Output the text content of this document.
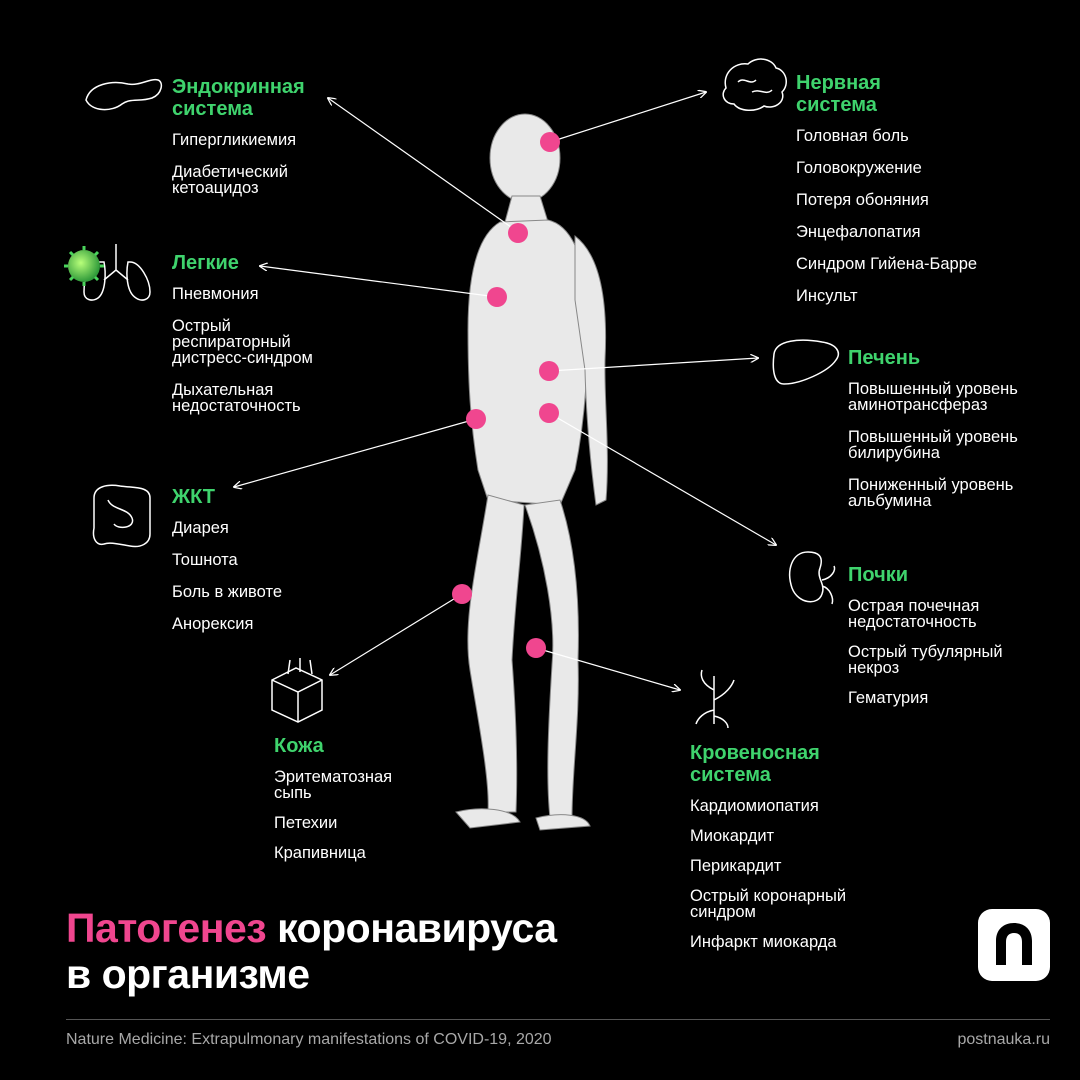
Эндокринная
система
Гипергликиемия
Диабетический
кетоацидоз
Легкие
Пневмония
Острый
респираторный
дистресс-синдром
Дыхательная
недостаточность
ЖКТ
Диарея
Тошнота
Боль в животе
Анорексия
Кожа
Эритематозная
сыпь
Петехии
Крапивница
Нервная
система
Головная боль
Головокружение
Потеря обоняния
Энцефалопатия
Синдром Гийена-Барре
Инсульт
Печень
Повышенный уровень
аминотрансфераз
Повышенный уровень
билирубина
Пониженный уровень
альбумина
Почки
Острая почечная
недостаточность
Острый тубулярный
некроз
Гематурия
Кровеносная
система
Кардиомиопатия
Миокардит
Перикардит
Острый коронарный
синдром
Инфаркт миокарда
Патогенез коронавируса
в организме
Nature Medicine: Extrapulmonary manifestations of COVID-19, 2020	postnauka.ru
